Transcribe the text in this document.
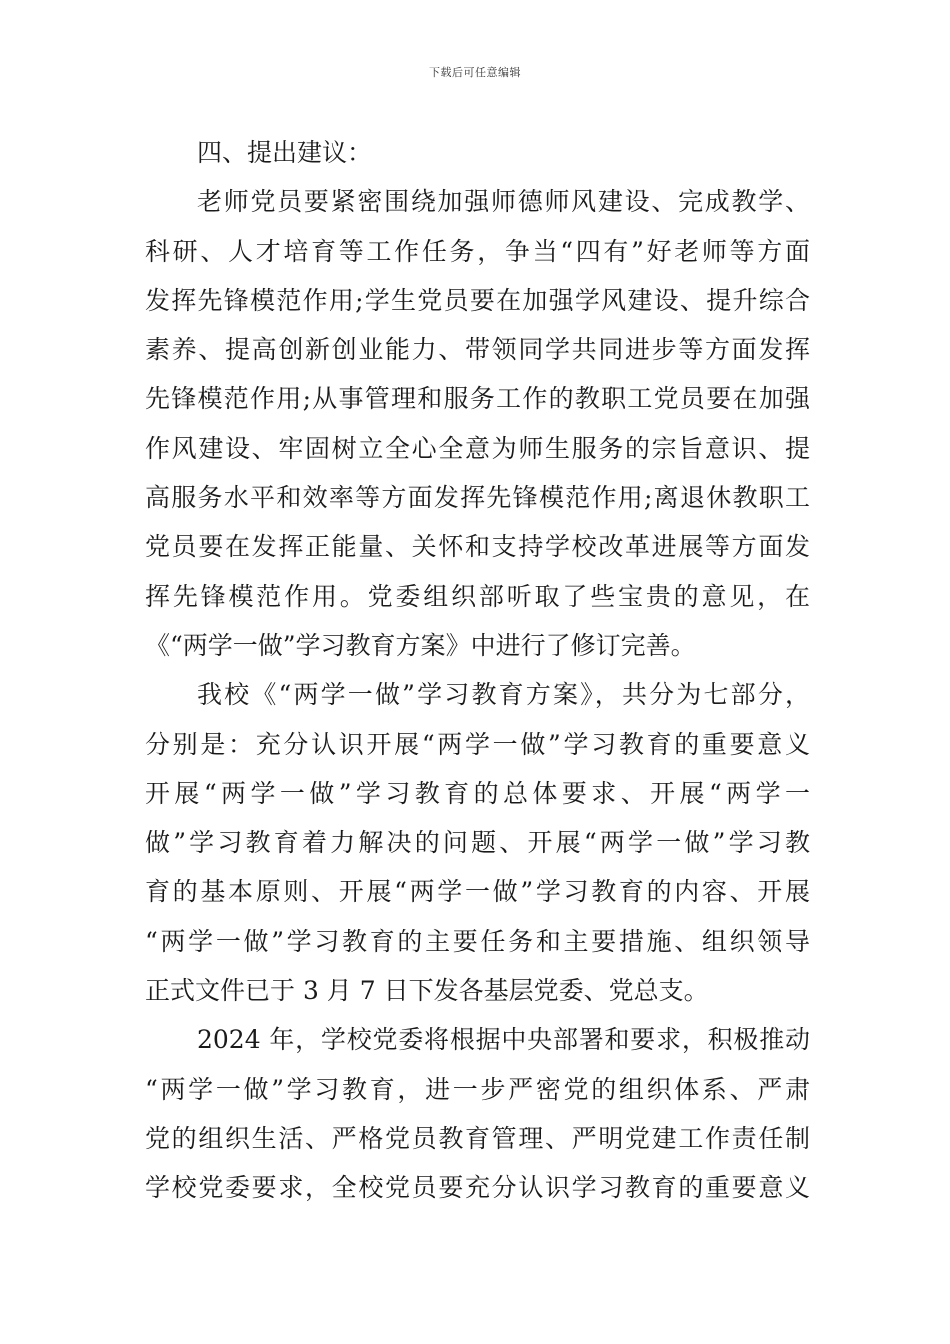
下载后可任意编辑
四、提出建议：
老师党员要紧密围绕加强师德师风建设、完成教学、
科研、人才培育等工作任务，争当“四有”好老师等方面
发挥先锋模范作用;学生党员要在加强学风建设、提升综合
素养、提高创新创业能力、带领同学共同进步等方面发挥
先锋模范作用;从事管理和服务工作的教职工党员要在加强
作风建设、牢固树立全心全意为师生服务的宗旨意识、提
高服务水平和效率等方面发挥先锋模范作用;离退休教职工
党员要在发挥正能量、关怀和支持学校改革进展等方面发
挥先锋模范作用。党委组织部听取了些宝贵的意见，在
《“两学一做”学习教育方案》中进行了修订完善。
我校《“两学一做”学习教育方案》，共分为七部分，
分别是：充分认识开展“两学一做”学习教育的重要意义
开展“两学一做”学习教育的总体要求、开展“两学一
做”学习教育着力解决的问题、开展“两学一做”学习教
育的基本原则、开展“两学一做”学习教育的内容、开展
“两学一做”学习教育的主要任务和主要措施、组织领导
正式文件已于 3 月 7 日下发各基层党委、党总支。
2024 年，学校党委将根据中央部署和要求，积极推动
“两学一做”学习教育，进一步严密党的组织体系、严肃
党的组织生活、严格党员教育管理、严明党建工作责任制
学校党委要求，全校党员要充分认识学习教育的重要意义
